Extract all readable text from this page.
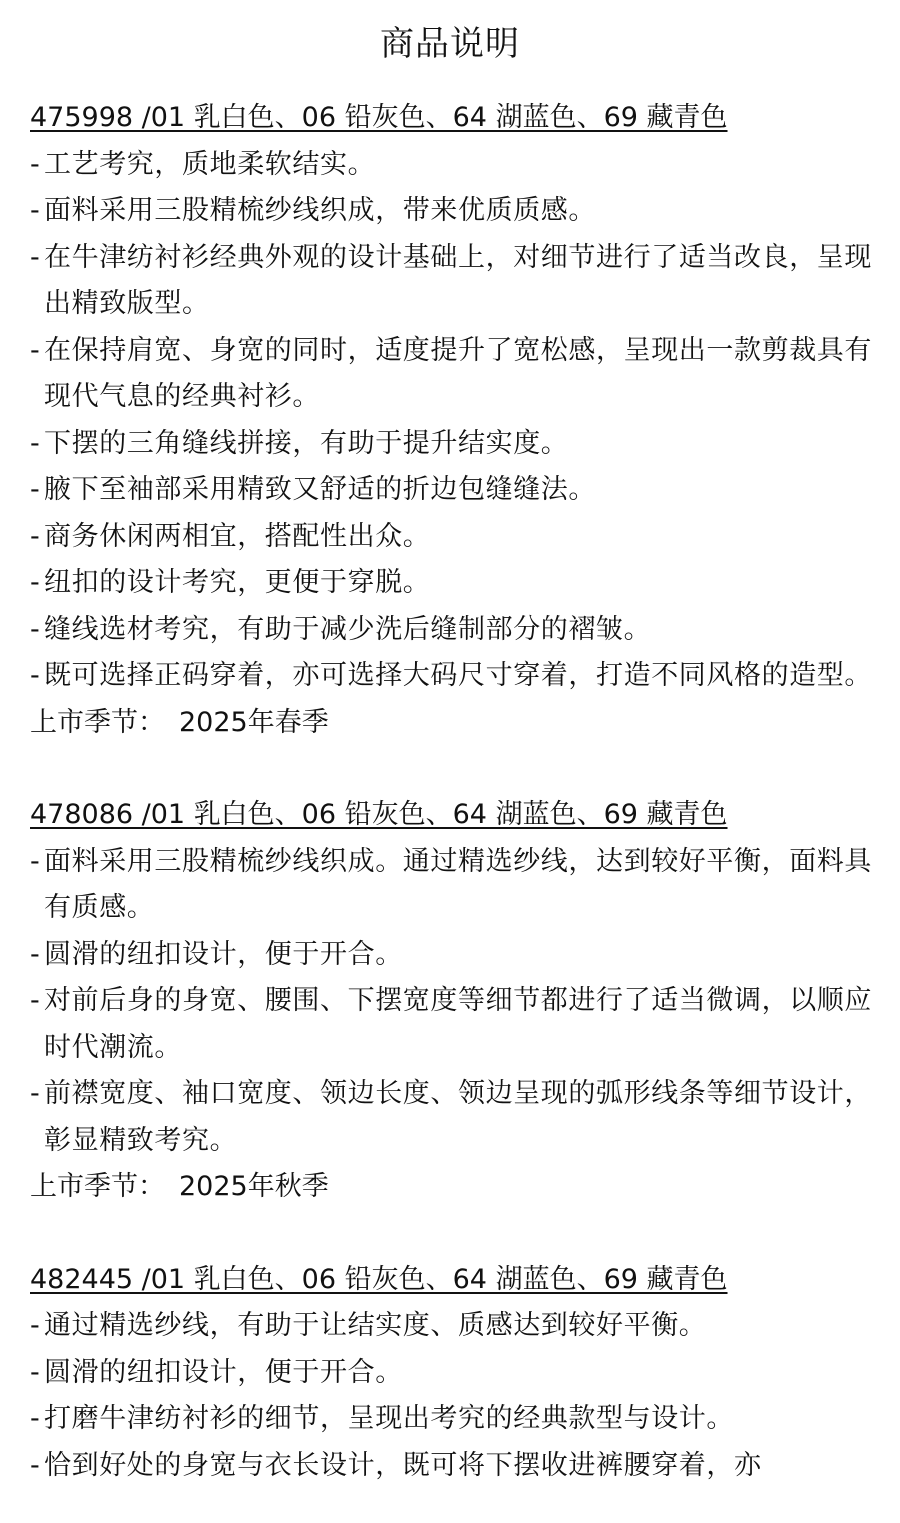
商品说明
475998 /01 乳白色、06 铅灰色、64 湖蓝色、69 藏青色
- 工艺考究，质地柔软结实。
- 面料采用三股精梳纱线织成，带来优质质感。
- 在牛津纺衬衫经典外观的设计基础上，对细节进行了适当改良，呈现出精致版型。
- 在保持肩宽、身宽的同时，适度提升了宽松感，呈现出一款剪裁具有现代气息的经典衬衫。
- 下摆的三角缝线拼接，有助于提升结实度。
- 腋下至袖部采用精致又舒适的折边包缝缝法。
- 商务休闲两相宜，搭配性出众。
- 纽扣的设计考究，更便于穿脱。
- 缝线选材考究，有助于减少洗后缝制部分的褶皱。
- 既可选择正码穿着，亦可选择大码尺寸穿着，打造不同风格的造型。
上市季节： 2025年春季
478086 /01 乳白色、06 铅灰色、64 湖蓝色、69 藏青色
- 面料采用三股精梳纱线织成。通过精选纱线，达到较好平衡，面料具有质感。
- 圆滑的纽扣设计，便于开合。
- 对前后身的身宽、腰围、下摆宽度等细节都进行了适当微调，以顺应时代潮流。
- 前襟宽度、袖口宽度、领边长度、领边呈现的弧形线条等细节设计，彰显精致考究。
上市季节： 2025年秋季
482445 /01 乳白色、06 铅灰色、64 湖蓝色、69 藏青色
- 通过精选纱线，有助于让结实度、质感达到较好平衡。
- 圆滑的纽扣设计，便于开合。
- 打磨牛津纺衬衫的细节，呈现出考究的经典款型与设计。
- 恰到好处的身宽与衣长设计，既可将下摆收进裤腰穿着，亦
